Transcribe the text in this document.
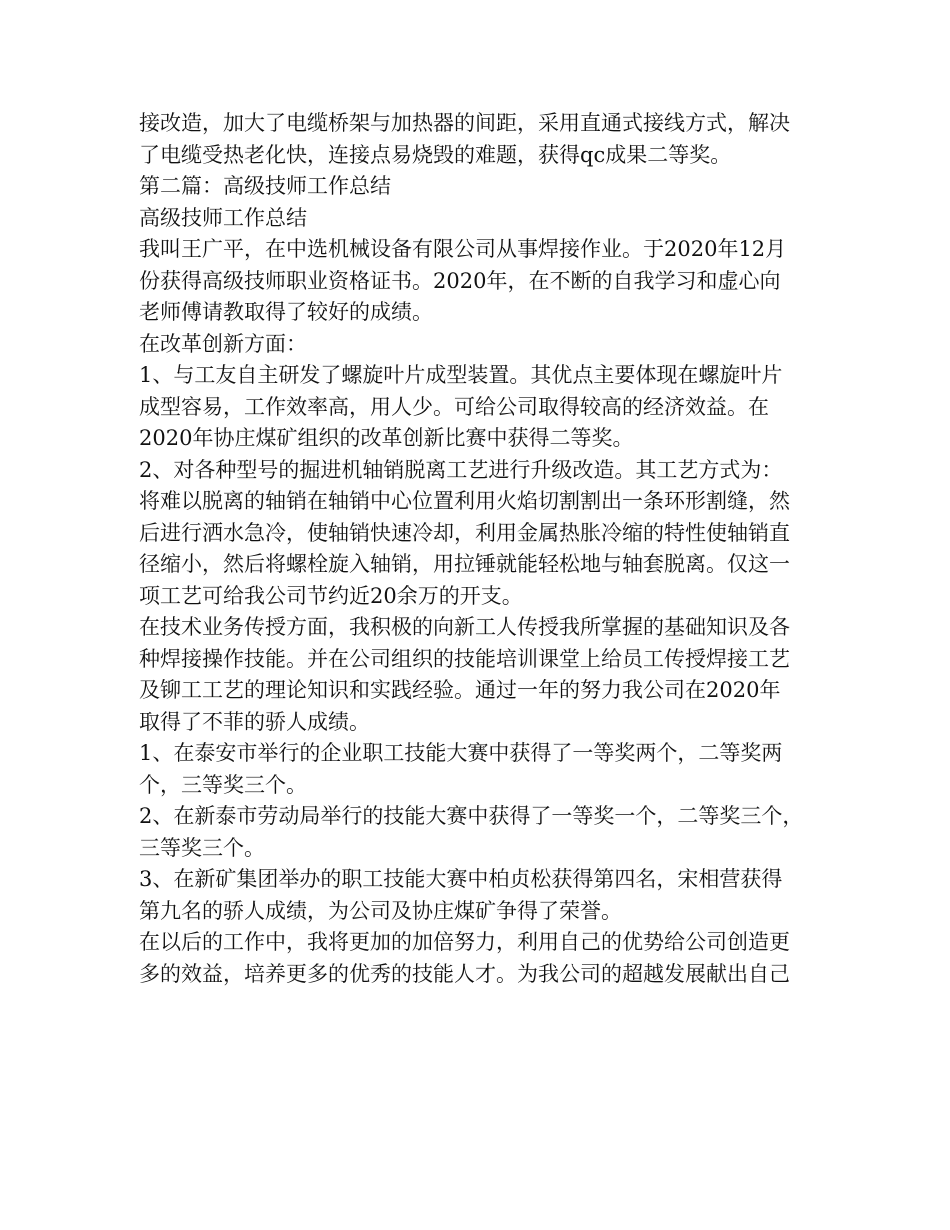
接改造，加大了电缆桥架与加热器的间距，采用直通式接线方式，解决
了电缆受热老化快，连接点易烧毁的难题，获得qc成果二等奖。
第二篇：高级技师工作总结
高级技师工作总结
我叫王广平，在中选机械设备有限公司从事焊接作业。于2020年12月
份获得高级技师职业资格证书。2020年，在不断的自我学习和虚心向
老师傅请教取得了较好的成绩。
在改革创新方面：
1、与工友自主研发了螺旋叶片成型装置。其优点主要体现在螺旋叶片
成型容易，工作效率高，用人少。可给公司取得较高的经济效益。在
2020年协庄煤矿组织的改革创新比赛中获得二等奖。
2、对各种型号的掘进机轴销脱离工艺进行升级改造。其工艺方式为：
将难以脱离的轴销在轴销中心位置利用火焰切割割出一条环形割缝，然
后进行洒水急冷，使轴销快速冷却，利用金属热胀冷缩的特性使轴销直
径缩小，然后将螺栓旋入轴销，用拉锤就能轻松地与轴套脱离。仅这一
项工艺可给我公司节约近20余万的开支。
在技术业务传授方面，我积极的向新工人传授我所掌握的基础知识及各
种焊接操作技能。并在公司组织的技能培训课堂上给员工传授焊接工艺
及铆工工艺的理论知识和实践经验。通过一年的努力我公司在2020年
取得了不菲的骄人成绩。
1、在泰安市举行的企业职工技能大赛中获得了一等奖两个，二等奖两
个，三等奖三个。
2、在新泰市劳动局举行的技能大赛中获得了一等奖一个，二等奖三个，
三等奖三个。
3、在新矿集团举办的职工技能大赛中柏贞松获得第四名，宋相营获得
第九名的骄人成绩，为公司及协庄煤矿争得了荣誉。
在以后的工作中，我将更加的加倍努力，利用自己的优势给公司创造更
多的效益，培养更多的优秀的技能人才。为我公司的超越发展献出自己
